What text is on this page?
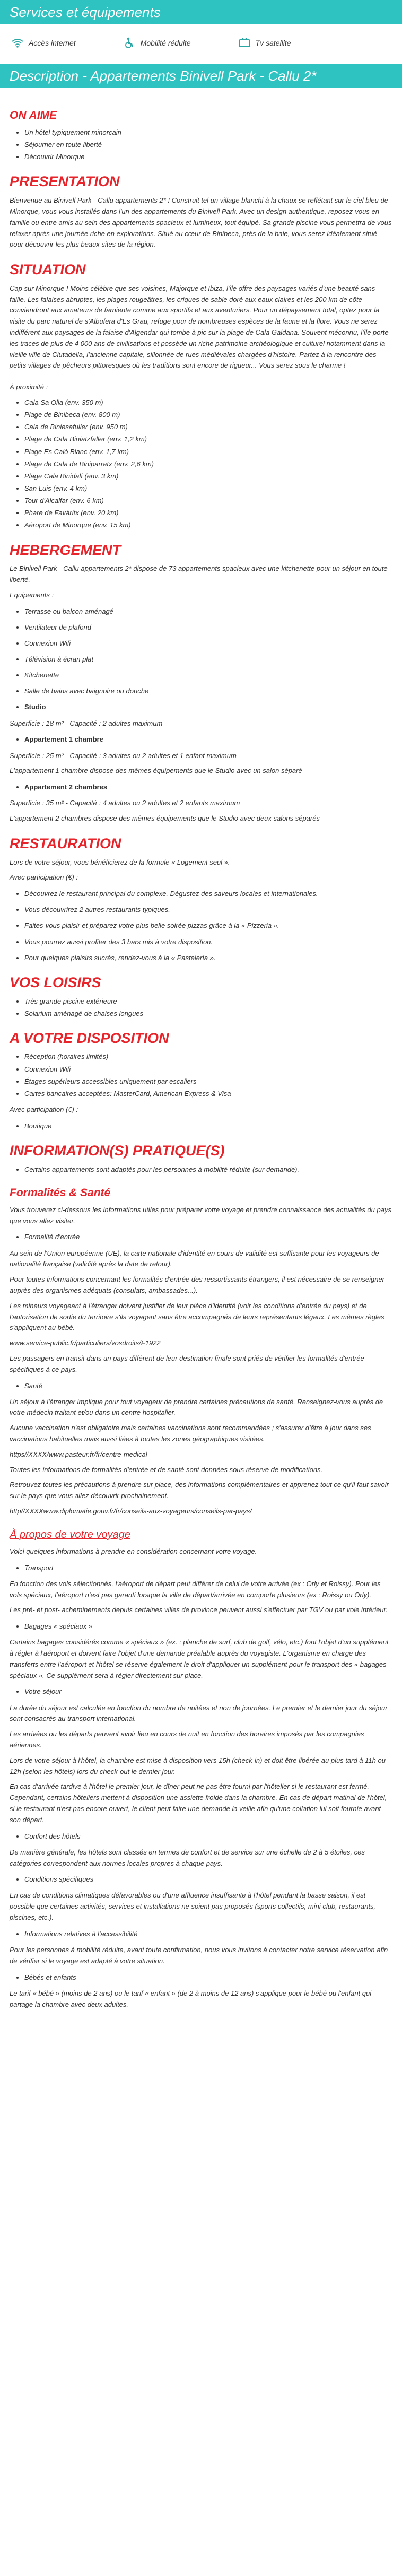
Services et équipements
Accès internet	Mobilité réduite	Tv satellite
Description - Appartements Binivell Park - Callu 2*
ON AIME
• Un hôtel typiquement minorcain
• Séjourner en toute liberté
• Découvrir Minorque
PRESENTATION

Bienvenue au Binivell Park - Callu appartements 2* ! Construit tel un village blanchi à la chaux se reflétant sur le ciel bleu de Minorque, vous vous installés dans l'un des appartements du Binivell Park. Avec un design authentique, reposez-vous en famille ou entre amis au sein des appartements spacieux et lumineux, tout équipé. Sa grande piscine vous permettra de vous relaxer après une journée riche en explorations. Situé au cœur de Binibeca, près de la baie, vous serez idéalement situé pour découvrir les plus beaux sites de la région.

SITUATION

Cap sur Minorque ! Moins célèbre que ses voisines, Majorque et Ibiza, l'île offre des paysages variés d'une beauté sans faille. Les falaises abruptes, les plages rougeâtres, les criques de sable doré aux eaux claires et les 200 km de côte conviendront aux amateurs de farniente comme aux sportifs et aux aventuriers. Pour un dépaysement total, optez pour la visite du parc naturel de s'Albufera d'Es Grau, refuge pour de nombreuses espèces de la faune et la flore. Vous ne serez indifférent aux paysages de la falaise d'Algendar qui tombe à pic sur la plage de Cala Galdana. Souvent méconnu, l'île porte les traces de plus de 4 000 ans de civilisations et possède un riche patrimoine archéologique et culturel notamment dans la vieille ville de Ciutadella, l'ancienne capitale, sillonnée de rues médiévales chargées d'histoire. Partez à la rencontre des petits villages de pêcheurs pittoresques où les traditions sont encore de rigueur... Vous serez sous le charme !

À proximité :

• Cala Sa Olla (env. 350 m)
• Plage de Binibeca (env. 800 m)
• Cala de Biniesafuller (env. 950 m)
• Plage de Cala Biniatzfaller (env. 1,2 km)
• Plage Es Caló Blanc (env. 1,7 km)
• Plage de Cala de Biniparratx (env. 2,6 km)
• Plage Cala Binidalí (env. 3 km)
• San Luis (env. 4 km)
• Tour d'Alcalfar (env. 6 km)
• Phare de Favàritx (env. 20 km)
• Aéroport de Minorque (env. 15 km)
HEBERGEMENT

Le Binivell Park - Callu appartements 2* dispose de 73 appartements spacieux avec une kitchenette pour un séjour en toute liberté.

Equipements :

• Terrasse ou balcon aménagé
• Ventilateur de plafond
• Connexion Wifi
• Télévision à écran plat
• Kitchenette
• Salle de bains avec baignoire ou douche
• Studio

Superficie : 18 m² - Capacité : 2 adultes maximum

• Appartement 1 chambre

Superficie : 25 m² - Capacité : 3 adultes ou 2 adultes et 1 enfant maximum

L'appartement 1 chambre dispose des mêmes équipements que le Studio avec un salon séparé

• Appartement 2 chambres

Superficie : 35 m² - Capacité : 4 adultes ou 2 adultes et 2 enfants maximum

L'appartement 2 chambres dispose des mêmes équipements que le Studio avec deux salons séparés

RESTAURATION

Lors de votre séjour, vous bénéficierez de la formule « Logement seul ».

Avec participation (€) :

• Découvrez le restaurant principal du complexe. Dégustez des saveurs locales et internationales.
• Vous découvrirez 2 autres restaurants typiques.
• Faites-vous plaisir et préparez votre plus belle soirée pizzas grâce à la « Pizzeria ».
• Vous pourrez aussi profiter des 3 bars mis à votre disposition.
• Pour quelques plaisirs sucrés, rendez-vous à la « Pastelería ».
VOS LOISIRS
• Très grande piscine extérieure
• Solarium aménagé de chaises longues
A VOTRE DISPOSITION
• Réception (horaires limités)
• Connexion Wifi
• Étages supérieurs accessibles uniquement par escaliers
• Cartes bancaires acceptées: MasterCard, American Express & Visa

Avec participation (€) :

• Boutique
INFORMATION(S) PRATIQUE(S)
• Certains appartements sont adaptés pour les personnes à mobilité réduite (sur demande).
Formalités & Santé

Vous trouverez ci-dessous les informations utiles pour préparer votre voyage et prendre connaissance des actualités du pays que vous allez visiter.

• Formalité d'entrée

Au sein de l'Union européenne (UE), la carte nationale d'identité en cours de validité est suffisante pour les voyageurs de nationalité française (validité après la date de retour).

Pour toutes informations concernant les formalités d'entrée des ressortissants étrangers, il est nécessaire de se renseigner auprès des organismes adéquats (consulats, ambassades...).

Les mineurs voyageant à l'étranger doivent justifier de leur pièce d'identité (voir les conditions d'entrée du pays) et de l'autorisation de sortie du territoire s'ils voyagent sans être accompagnés de leurs représentants légaux. Les mêmes règles s'appliquent au bébé.

www.service-public.fr/particuliers/vosdroits/F1922

Les passagers en transit dans un pays différent de leur destination finale sont priés de vérifier les formalités d'entrée spécifiques à ce pays.

• Santé

Un séjour à l'étranger implique pour tout voyageur de prendre certaines précautions de santé. Renseignez-vous auprès de votre médecin traitant et/ou dans un centre hospitalier.

Aucune vaccination n'est obligatoire mais certaines vaccinations sont recommandées ; s'assurer d'être à jour dans ses vaccinations habituelles mais aussi liées à toutes les zones géographiques visitées.

https//XXXX/www.pasteur.fr/fr/centre-medical

Toutes les informations de formalités d'entrée et de santé sont données sous réserve de modifications.

Retrouvez toutes les précautions à prendre sur place, des informations complémentaires et apprenez tout ce qu'il faut savoir sur le pays que vous allez découvrir prochainement.

http//XXXXwww.diplomatie.gouv.fr/fr/conseils-aux-voyageurs/conseils-par-pays/

À propos de votre voyage

Voici quelques informations à prendre en considération concernant votre voyage.

• Transport

En fonction des vols sélectionnés, l'aéroport de départ peut différer de celui de votre arrivée (ex : Orly et Roissy). Pour les vols spéciaux, l'aéroport n'est pas garanti lorsque la ville de départ/arrivée en comporte plusieurs (ex : Roissy ou Orly).

Les pré- et post- acheminements depuis certaines villes de province peuvent aussi s'effectuer par TGV ou par voie intérieur.

• Bagages « spéciaux »

Certains bagages considérés comme « spéciaux » (ex. : planche de surf, club de golf, vélo, etc.) font l'objet d'un supplément à régler à l'aéroport et doivent faire l'objet d'une demande préalable auprès du voyagiste. L'organisme en charge des transferts entre l'aéroport et l'hôtel se réserve également le droit d'appliquer un supplément pour le transport des « bagages spéciaux ». Ce supplément sera à régler directement sur place.

• Votre séjour

La durée du séjour est calculée en fonction du nombre de nuitées et non de journées. Le premier et le dernier jour du séjour sont consacrés au transport international.

Les arrivées ou les départs peuvent avoir lieu en cours de nuit en fonction des horaires imposés par les compagnies aériennes.

Lors de votre séjour à l'hôtel, la chambre est mise à disposition vers 15h (check-in) et doit être libérée au plus tard à 11h ou 12h (selon les hôtels) lors du check-out le dernier jour.

En cas d'arrivée tardive à l'hôtel le premier jour, le dîner peut ne pas être fourni par l'hôtelier si le restaurant est fermé. Cependant, certains hôteliers mettent à disposition une assiette froide dans la chambre. En cas de départ matinal de l'hôtel, si le restaurant n'est pas encore ouvert, le client peut faire une demande la veille afin qu'une collation lui soit fournie avant son départ.

• Confort des hôtels

De manière générale, les hôtels sont classés en termes de confort et de service sur une échelle de 2 à 5 étoiles, ces catégories correspondent aux normes locales propres à chaque pays.

• Conditions spécifiques

En cas de conditions climatiques défavorables ou d'une affluence insuffisante à l'hôtel pendant la basse saison, il est possible que certaines activités, services et installations ne soient pas proposés (sports collectifs, mini club, restaurants, piscines, etc.).

• Informations relatives à l'accessibilité

Pour les personnes à mobilité réduite, avant toute confirmation, nous vous invitons à contacter notre service réservation afin de vérifier si le voyage est adapté à votre situation.

• Bébés et enfants

Le tarif « bébé » (moins de 2 ans) ou le tarif « enfant » (de 2 à moins de 12 ans) s'applique pour le bébé ou l'enfant qui partage la chambre avec deux adultes.
